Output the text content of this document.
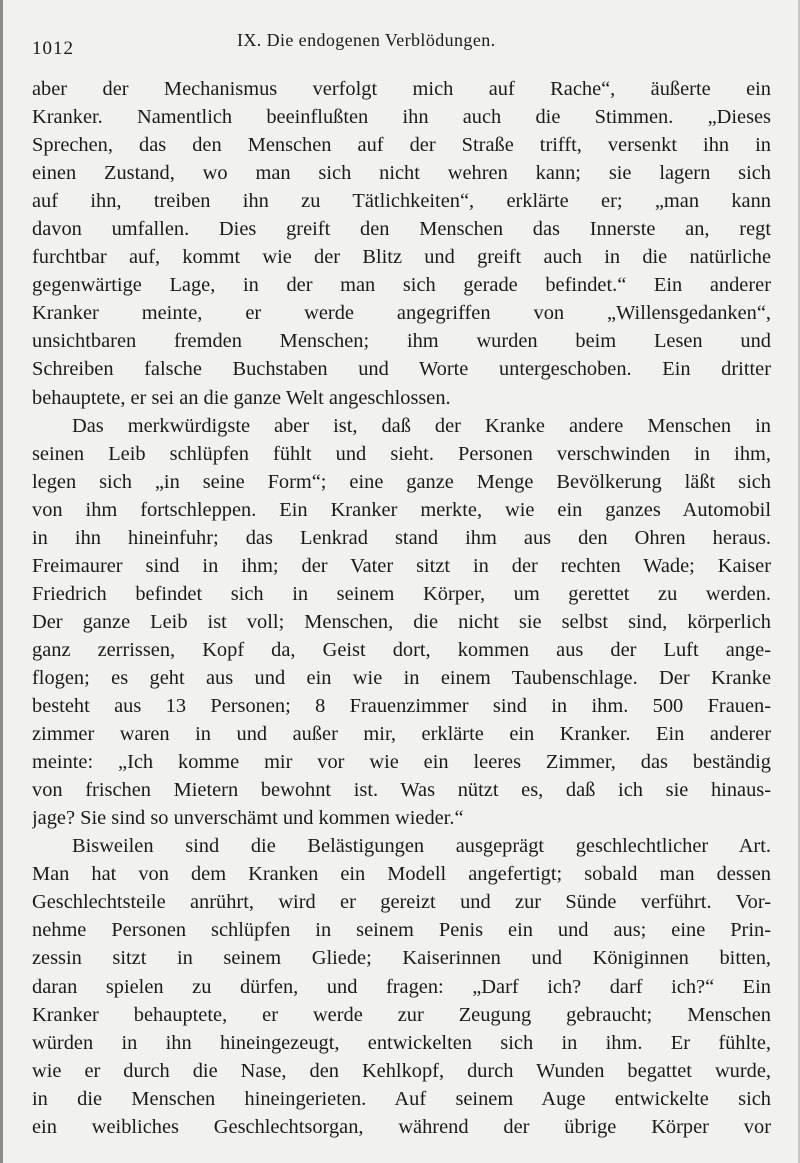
1012	IX. Die endogenen Verblödungen.
aber der Mechanismus verfolgt mich auf Rache“, äußerte ein
Kranker. Namentlich beeinflußten ihn auch die Stimmen. „Dieses
Sprechen, das den Menschen auf der Straße trifft, versenkt ihn in
einen Zustand, wo man sich nicht wehren kann; sie lagern sich
auf ihn, treiben ihn zu Tätlichkeiten“, erklärte er; „man kann
davon umfallen. Dies greift den Menschen das Innerste an, regt
furchtbar auf, kommt wie der Blitz und greift auch in die natürliche
gegenwärtige Lage, in der man sich gerade befindet.“ Ein anderer
Kranker meinte, er werde angegriffen von „Willensgedanken“,
unsichtbaren fremden Menschen; ihm wurden beim Lesen und
Schreiben falsche Buchstaben und Worte untergeschoben. Ein dritter
behauptete, er sei an die ganze Welt angeschlossen.
Das merkwürdigste aber ist, daß der Kranke andere Menschen in
seinen Leib schlüpfen fühlt und sieht. Personen verschwinden in ihm,
legen sich „in seine Form“; eine ganze Menge Bevölkerung läßt sich
von ihm fortschleppen. Ein Kranker merkte, wie ein ganzes Automobil
in ihn hineinfuhr; das Lenkrad stand ihm aus den Ohren heraus.
Freimaurer sind in ihm; der Vater sitzt in der rechten Wade; Kaiser
Friedrich befindet sich in seinem Körper, um gerettet zu werden.
Der ganze Leib ist voll; Menschen, die nicht sie selbst sind, körperlich
ganz zerrissen, Kopf da, Geist dort, kommen aus der Luft ange-
flogen; es geht aus und ein wie in einem Taubenschlage. Der Kranke
besteht aus 13 Personen; 8 Frauenzimmer sind in ihm. 500 Frauen-
zimmer waren in und außer mir, erklärte ein Kranker. Ein anderer
meinte: „Ich komme mir vor wie ein leeres Zimmer, das beständig
von frischen Mietern bewohnt ist. Was nützt es, daß ich sie hinaus-
jage? Sie sind so unverschämt und kommen wieder.“
Bisweilen sind die Belästigungen ausgeprägt geschlechtlicher Art.
Man hat von dem Kranken ein Modell angefertigt; sobald man dessen
Geschlechtsteile anrührt, wird er gereizt und zur Sünde verführt. Vor-
nehme Personen schlüpfen in seinem Penis ein und aus; eine Prin-
zessin sitzt in seinem Gliede; Kaiserinnen und Königinnen bitten,
daran spielen zu dürfen, und fragen: „Darf ich? darf ich?“ Ein
Kranker behauptete, er werde zur Zeugung gebraucht; Menschen
würden in ihn hineingezeugt, entwickelten sich in ihm. Er fühlte,
wie er durch die Nase, den Kehlkopf, durch Wunden begattet wurde,
in die Menschen hineingerieten. Auf seinem Auge entwickelte sich
ein weibliches Geschlechtsorgan, während der übrige Körper vor
